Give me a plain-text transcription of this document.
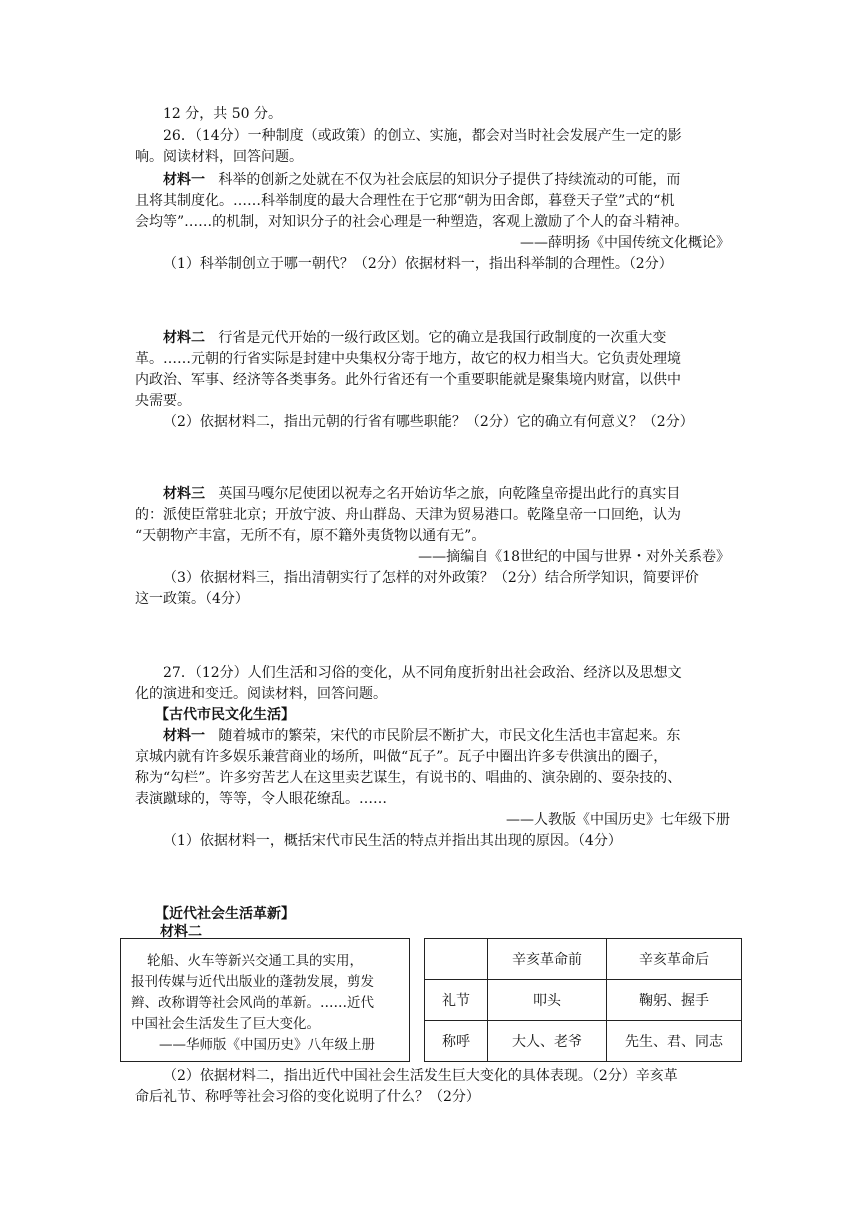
12 分，共 50 分。
26．（14分）一种制度（或政策）的创立、实施，都会对当时社会发展产生一定的影
响。阅读材料，回答问题。
材料一 科举的创新之处就在不仅为社会底层的知识分子提供了持续流动的可能，而
且将其制度化。……科举制度的最大合理性在于它那“朝为田舍郎，暮登天子堂”式的“机
会均等”……的机制，对知识分子的社会心理是一种塑造，客观上激励了个人的奋斗精神。
——薛明扬《中国传统文化概论》
（1）科举制创立于哪一朝代？（2分）依据材料一，指出科举制的合理性。（2分）
材料二 行省是元代开始的一级行政区划。它的确立是我国行政制度的一次重大变
革。……元朝的行省实际是封建中央集权分寄于地方，故它的权力相当大。它负责处理境
内政治、军事、经济等各类事务。此外行省还有一个重要职能就是聚集境内财富，以供中
央需要。
（2）依据材料二，指出元朝的行省有哪些职能？（2分）它的确立有何意义？（2分）
材料三 英国马嘎尔尼使团以祝寿之名开始访华之旅，向乾隆皇帝提出此行的真实目
的：派使臣常驻北京；开放宁波、舟山群岛、天津为贸易港口。乾隆皇帝一口回绝，认为
“天朝物产丰富，无所不有，原不籍外夷货物以通有无”。
——摘编自《18世纪的中国与世界・对外关系卷》
（3）依据材料三，指出清朝实行了怎样的对外政策？（2分）结合所学知识，简要评价
这一政策。（4分）
27．（12分）人们生活和习俗的变化，从不同角度折射出社会政治、经济以及思想文
化的演进和变迁。阅读材料，回答问题。
【古代市民文化生活】
材料一 随着城市的繁荣，宋代的市民阶层不断扩大，市民文化生活也丰富起来。东
京城内就有许多娱乐兼营商业的场所，叫做“瓦子”。瓦子中圈出许多专供演出的圈子，
称为“勾栏”。许多穷苦艺人在这里卖艺谋生，有说书的、唱曲的、演杂剧的、耍杂技的、
表演蹴球的，等等，令人眼花缭乱。……
——人教版《中国历史》七年级下册
（1）依据材料一，概括宋代市民生活的特点并指出其出现的原因。（4分）
【近代社会生活革新】
材料二
轮船、火车等新兴交通工具的实用，
报刊传媒与近代出版业的蓬勃发展，剪发
辫、改称谓等社会风尚的革新。……近代
中国社会生活发生了巨大变化。
——华师版《中国历史》八年级上册
	辛亥革命前	辛亥革命后
礼节	叩头	鞠躬、握手
称呼	大人、老爷	先生、君、同志
（2）依据材料二，指出近代中国社会生活发生巨大变化的具体表现。（2分）辛亥革
命后礼节、称呼等社会习俗的变化说明了什么？（2分）
